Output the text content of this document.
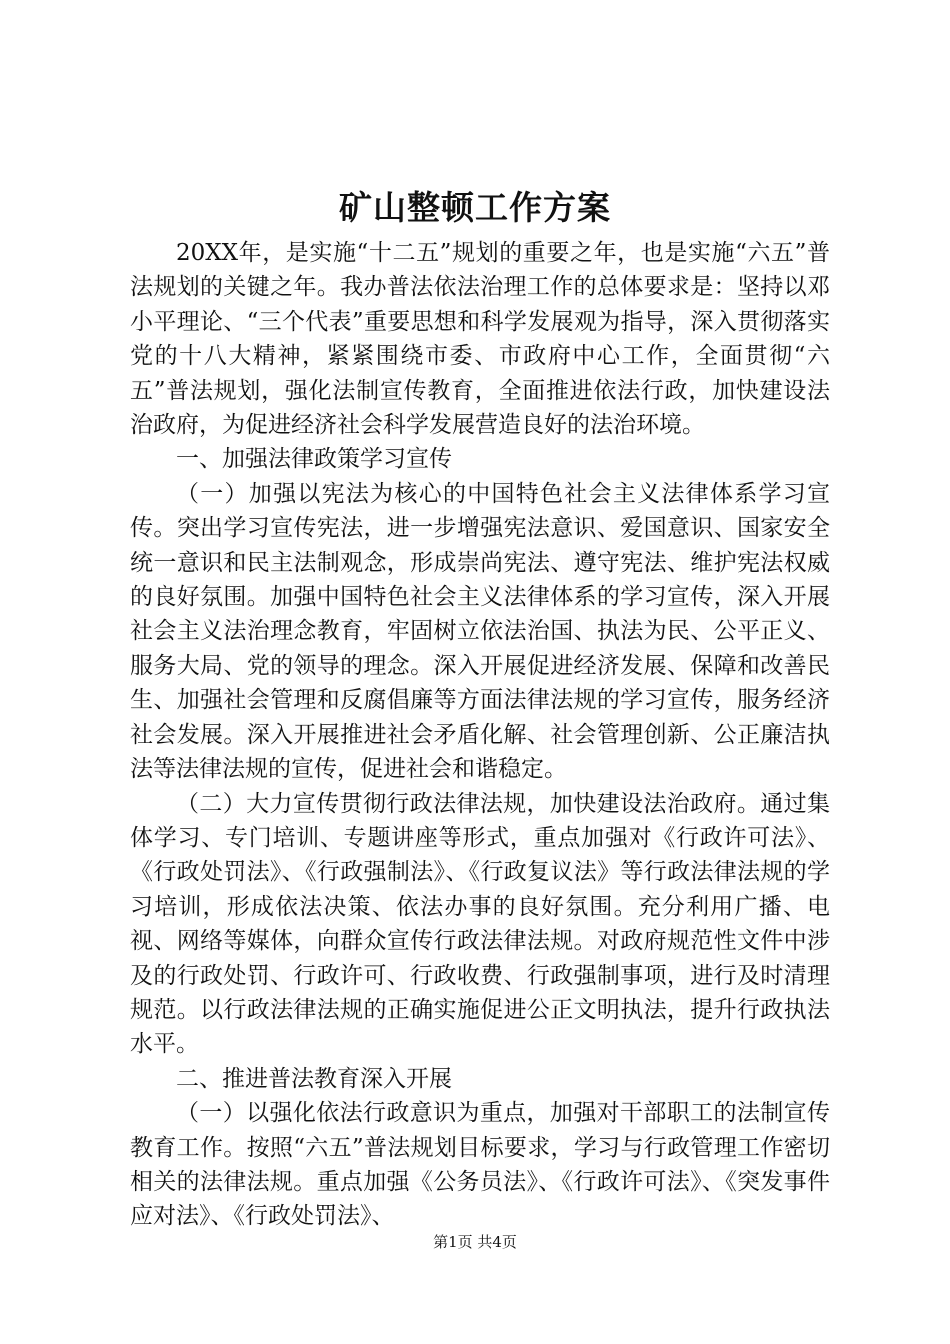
矿山整顿工作方案

20XX年，是实施“十二五”规划的重要之年，也是实施“六五”普法规划的关键之年。我办普法依法治理工作的总体要求是：坚持以邓小平理论、“三个代表”重要思想和科学发展观为指导，深入贯彻落实党的十八大精神，紧紧围绕市委、市政府中心工作，全面贯彻“六五”普法规划，强化法制宣传教育，全面推进依法行政，加快建设法治政府，为促进经济社会科学发展营造良好的法治环境。

一、加强法律政策学习宣传

（一）加强以宪法为核心的中国特色社会主义法律体系学习宣传。突出学习宣传宪法，进一步增强宪法意识、爱国意识、国家安全统一意识和民主法制观念，形成崇尚宪法、遵守宪法、维护宪法权威的良好氛围。加强中国特色社会主义法律体系的学习宣传，深入开展社会主义法治理念教育，牢固树立依法治国、执法为民、公平正义、服务大局、党的领导的理念。深入开展促进经济发展、保障和改善民生、加强社会管理和反腐倡廉等方面法律法规的学习宣传，服务经济社会发展。深入开展推进社会矛盾化解、社会管理创新、公正廉洁执法等法律法规的宣传，促进社会和谐稳定。

（二）大力宣传贯彻行政法律法规，加快建设法治政府。通过集体学习、专门培训、专题讲座等形式，重点加强对《行政许可法》、《行政处罚法》、《行政强制法》、《行政复议法》等行政法律法规的学习培训，形成依法决策、依法办事的良好氛围。充分利用广播、电视、网络等媒体，向群众宣传行政法律法规。对政府规范性文件中涉及的行政处罚、行政许可、行政收费、行政强制事项，进行及时清理规范。以行政法律法规的正确实施促进公正文明执法，提升行政执法水平。

二、推进普法教育深入开展

（一）以强化依法行政意识为重点，加强对干部职工的法制宣传教育工作。按照“六五”普法规划目标要求，学习与行政管理工作密切相关的法律法规。重点加强《公务员法》、《行政许可法》、《突发事件应对法》、《行政处罚法》、

第1页 共4页
